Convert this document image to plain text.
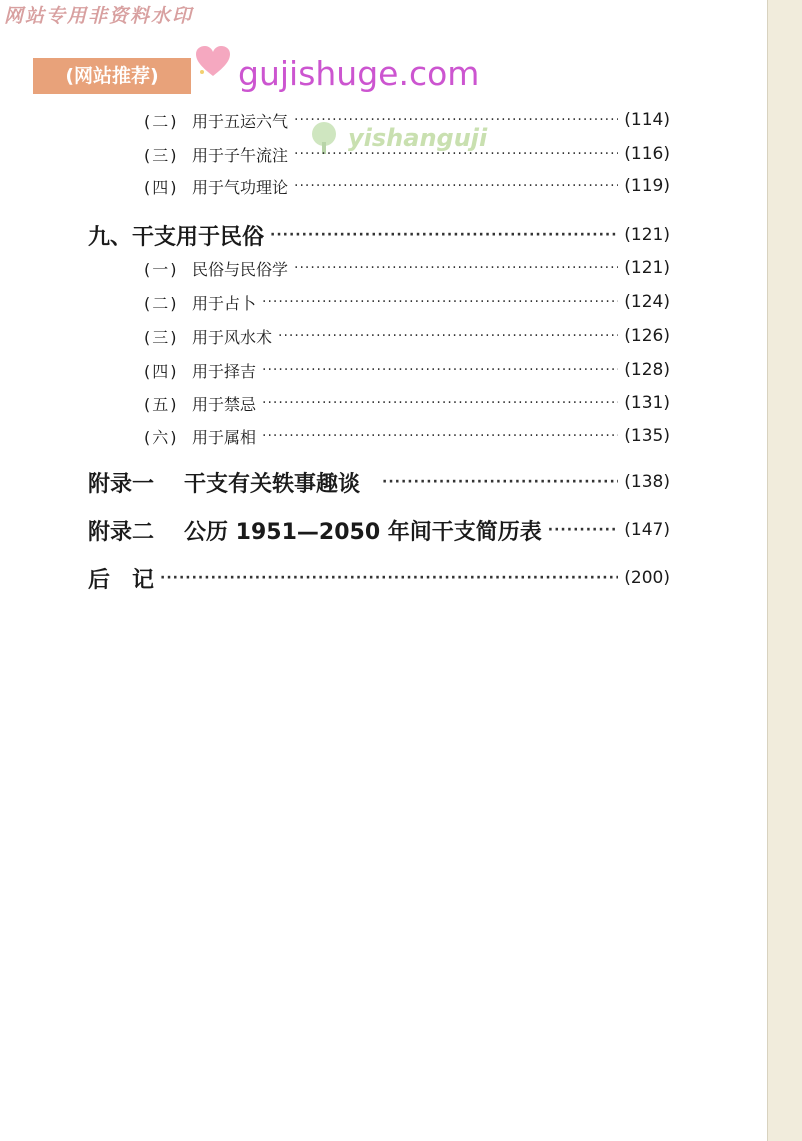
网站专用非资料水印
(网站推荐)	gujishuge.com
yishanguji
(二) 用于五运六气 ·····	(114)
(三) 用于子午流注 ·····	(116)
(四) 用于气功理论 ·····	(119)
九、干支用于民俗 ·····	(121)
(一) 民俗与民俗学 ·····	(121)
(二) 用于占卜 ·····	(124)
(三) 用于风水术 ·····	(126)
(四) 用于择吉 ·····	(128)
(五) 用于禁忌 ·····	(131)
(六) 用于属相 ·····	(135)
附录一 干支有关轶事趣谈 ·····	(138)
附录二 公历 1951—2050 年间干支简历表 ·····	(147)
后　记 ·····	(200)
